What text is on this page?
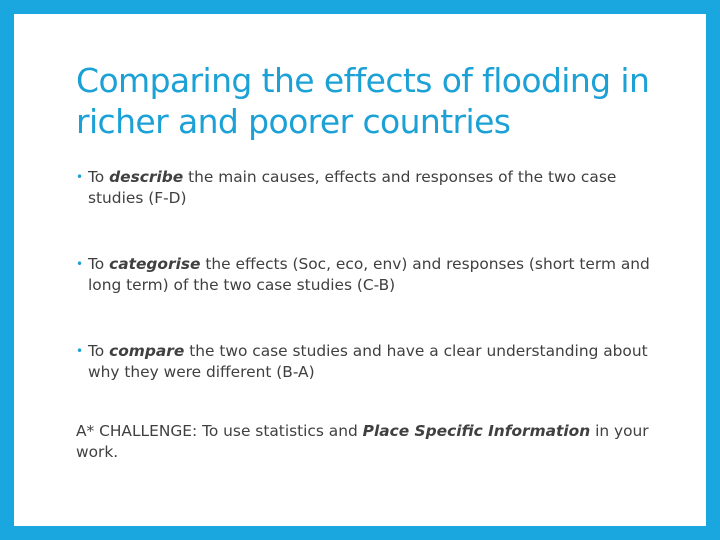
Comparing the effects of flooding in richer and poorer countries
• To describe the main causes, effects and responses of the two case studies (F-D)
• To categorise the effects (Soc, eco, env) and responses (short term and long term) of the two case studies (C-B)
• To compare the two case studies and have a clear understanding about why they were different (B-A)

A* CHALLENGE: To use statistics and Place Specific Information in your work.
